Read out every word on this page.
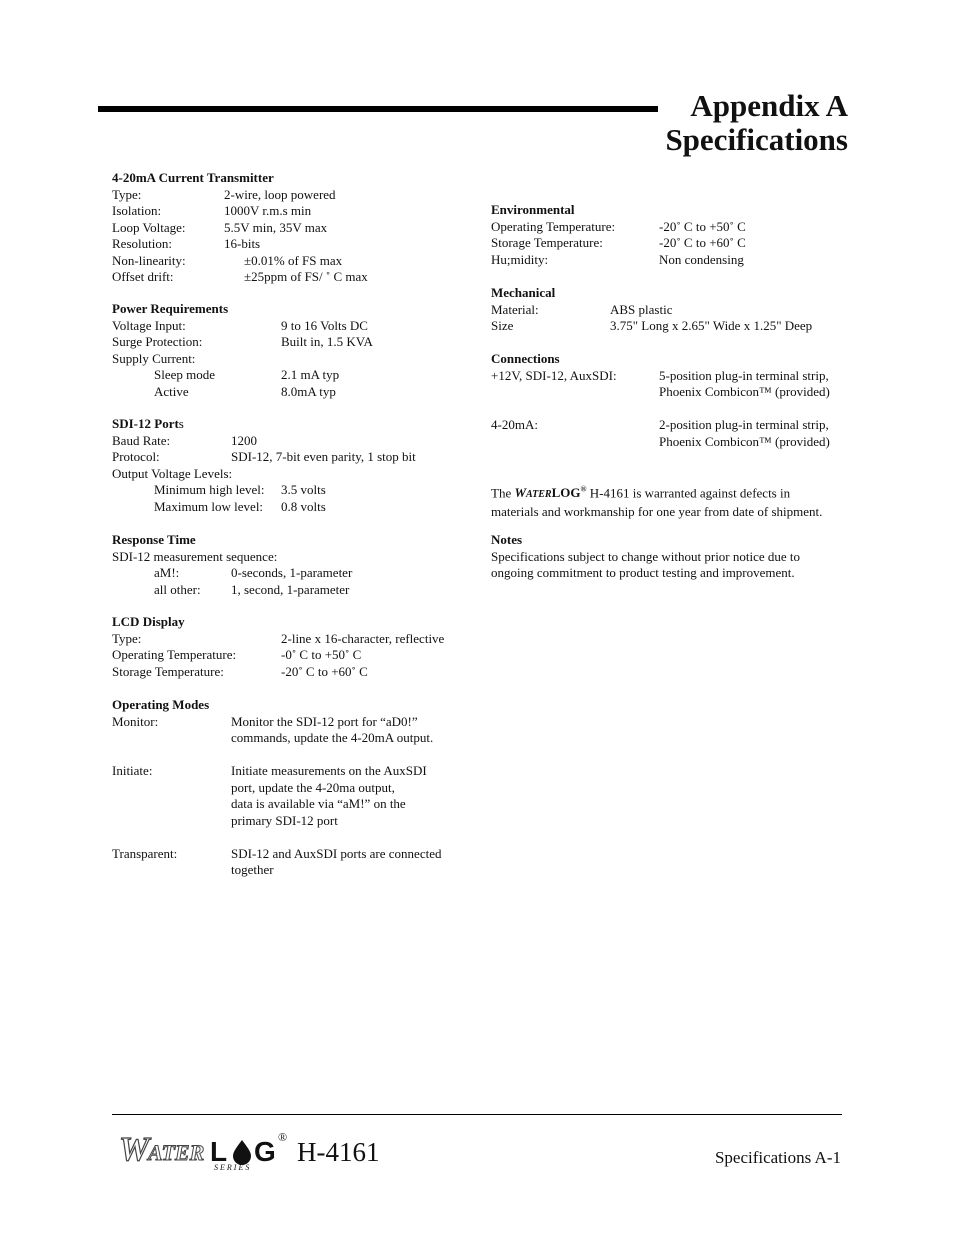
Appendix A
Specifications
4-20mA Current Transmitter
Type:	2-wire, loop powered
Isolation:	1000V r.m.s min
Loop Voltage:	5.5V min, 35V max
Resolution:	16-bits
Non-linearity:	±0.01% of FS max
Offset drift:	±25ppm of FS/ ˚ C max
Power Requirements
Voltage Input:	9 to 16 Volts DC
Surge Protection:	Built in, 1.5 KVA
Supply Current:
Sleep mode	2.1 mA typ
Active	8.0mA typ
SDI-12 Ports
Baud Rate:	1200
Protocol:	SDI-12, 7-bit even parity, 1 stop bit
Output Voltage Levels:
Minimum high level: 3.5 volts
Maximum low level: 0.8 volts
Response Time
SDI-12 measurement sequence:
aM!:	0-seconds, 1-parameter
all other: 1, second, 1-parameter
LCD Display
Type:	2-line x 16-character, reflective
Operating Temperature:	-0˚ C to +50˚ C
Storage Temperature:	-20˚ C to +60˚ C
Operating Modes
Monitor:	Monitor the SDI-12 port for “aD0!”
commands, update the 4-20mA output.
Initiate:	Initiate measurements on the AuxSDI
port, update the 4-20ma output,
data is available via “aM!” on the
primary SDI-12 port
Transparent:	SDI-12 and AuxSDI ports are connected
together
Environmental
Operating Temperature:	-20˚ C to +50˚ C
Storage Temperature:	-20˚ C to +60˚ C
Hu;midity:	Non condensing
Mechanical
Material:	ABS plastic
Size	3.75" Long x 2.65" Wide x 1.25" Deep
Connections
+12V, SDI-12, AuxSDI:	5-position plug-in terminal strip,
Phoenix Combicon™ (provided)
4-20mA:	2-position plug-in terminal strip,
Phoenix Combicon™ (provided)
The WATERLOG® H-4161 is warranted against defects in
materials and workmanship for one year from date of shipment.
Notes
Specifications subject to change without prior notice due to
ongoing commitment to product testing and improvement.
W
ATER L G ®
S E R I E S
H-4161	Specifications A-1
